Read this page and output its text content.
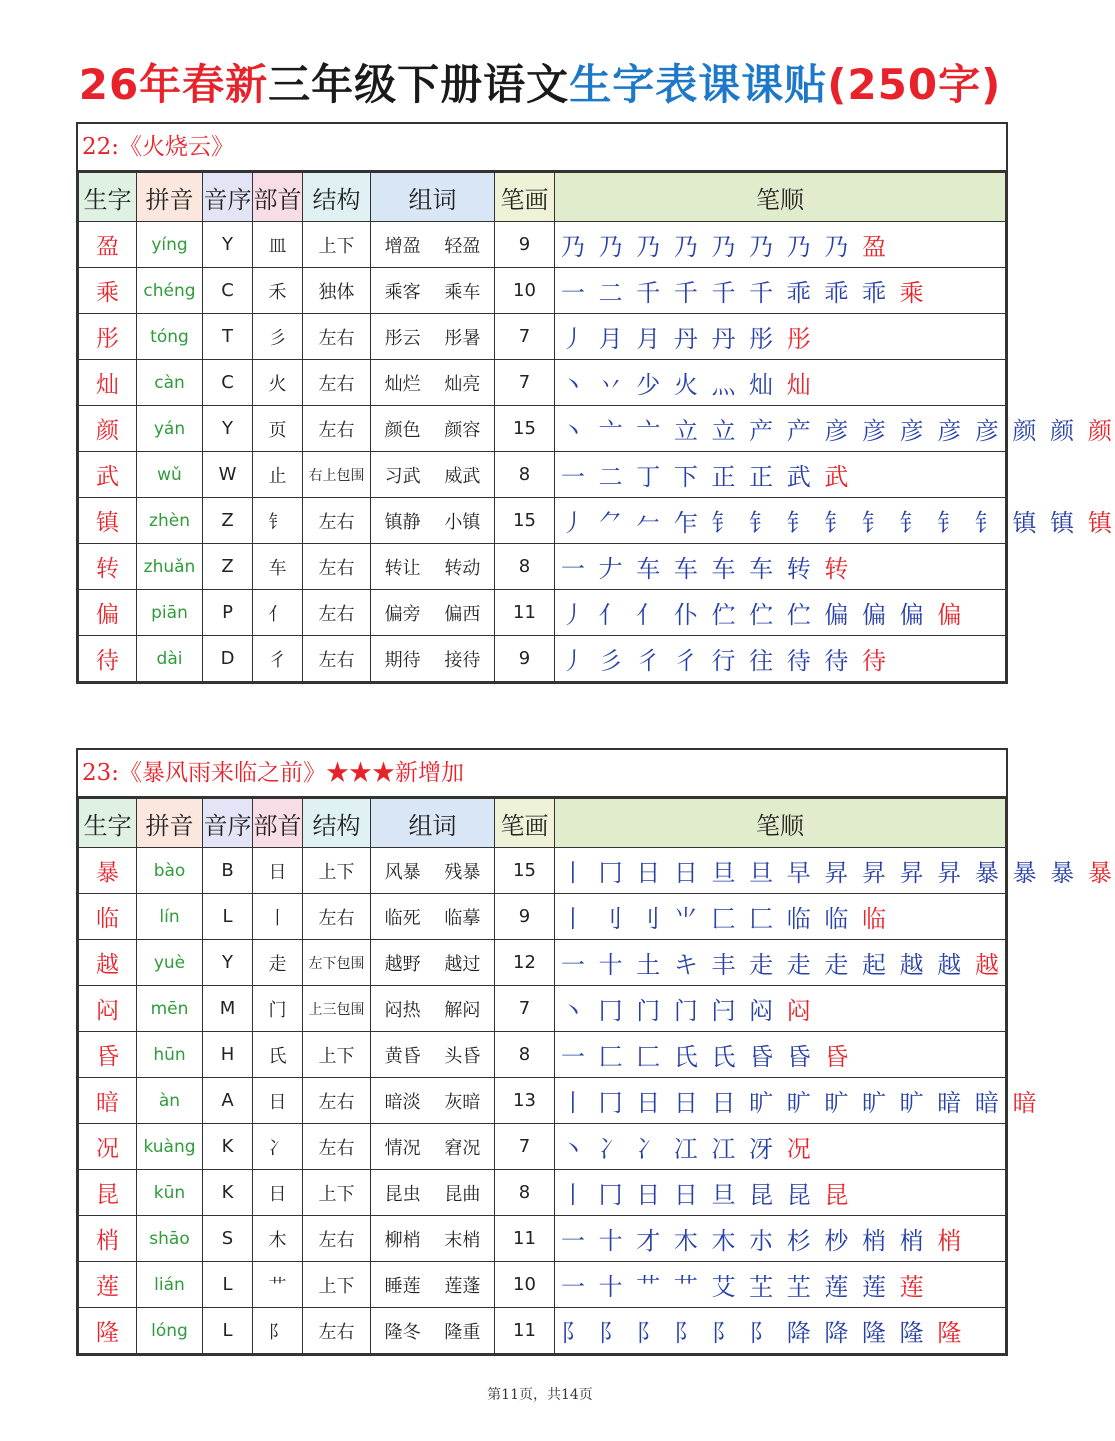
26年春新三年级下册语文生字表课课贴(250字)
22:《火烧云》
生字	拼音	音序	部首	结构	组词	笔画	笔顺
盈	yíng	Y	皿	上下	增盈 轻盈	9	乃 乃 乃 乃 乃 乃 乃 乃 盈
乘	chéng	C	禾	独体	乘客 乘车	10	一 二 千 千 千 千 乖 乖 乖 乘
彤	tóng	T	彡	左右	彤云 彤暑	7	丿 月 月 丹 丹 彤 彤
灿	càn	C	火	左右	灿烂 灿亮	7	丶 丷 少 火 灬 灿 灿
颜	yán	Y	页	左右	颜色 颜容	15	丶 亠 亠 立 立 产 产 彦 彦 彦 彦 彦 颜 颜 颜
武	wǔ	W	止	右上包围	习武 威武	8	一 二 丁 下 正 正 武 武
镇	zhèn	Z	钅	左右	镇静 小镇	15	丿 ⺈ 𠂉 乍 钅 钅 钅 钅 钅 钅 钅 钅 镇 镇 镇
转	zhuǎn	Z	车	左右	转让 转动	8	一 𠂇 车 车 车 车 转 转
偏	piān	P	亻	左右	偏旁 偏西	11	丿 亻 亻 仆 伫 伫 伫 偏 偏 偏 偏
待	dài	D	彳	左右	期待 接待	9	丿 彡 彳 彳 行 往 待 待 待
23:《暴风雨来临之前》★★★新增加
生字	拼音	音序	部首	结构	组词	笔画	笔顺
暴	bào	B	日	上下	风暴 残暴	15	丨 冂 日 日 旦 旦 早 昇 昇 昇 昇 暴 暴 暴 暴
临	lín	L	丨	左右	临死 临摹	9	丨 刂 刂 ⺌ 匚 匚 临 临 临
越	yuè	Y	走	左下包围	越野 越过	12	一 十 土 キ 丰 走 走 走 起 越 越 越
闷	mēn	M	门	上三包围	闷热 解闷	7	丶 冂 门 门 闩 闷 闷
昏	hūn	H	氏	上下	黄昏 头昏	8	一 匚 匚 氏 氏 昏 昏 昏
暗	àn	A	日	左右	暗淡 灰暗	13	丨 冂 日 日 日 旷 旷 旷 旷 旷 暗 暗 暗
况	kuàng	K	冫	左右	情况 窘况	7	丶 冫 冫 冮 冮 冴 况
昆	kūn	K	日	上下	昆虫 昆曲	8	丨 冂 日 日 旦 昆 昆 昆
梢	shāo	S	木	左右	柳梢 末梢	11	一 十 才 木 木 朩 杉 杪 梢 梢 梢
莲	lián	L	艹	上下	睡莲 莲蓬	10	一 十 艹 艹 艾 芏 芏 莲 莲 莲
隆	lóng	L	阝	左右	隆冬 隆重	11	阝 阝 阝 阝 阝 阝 降 降 隆 隆 隆
第11页，共14页
